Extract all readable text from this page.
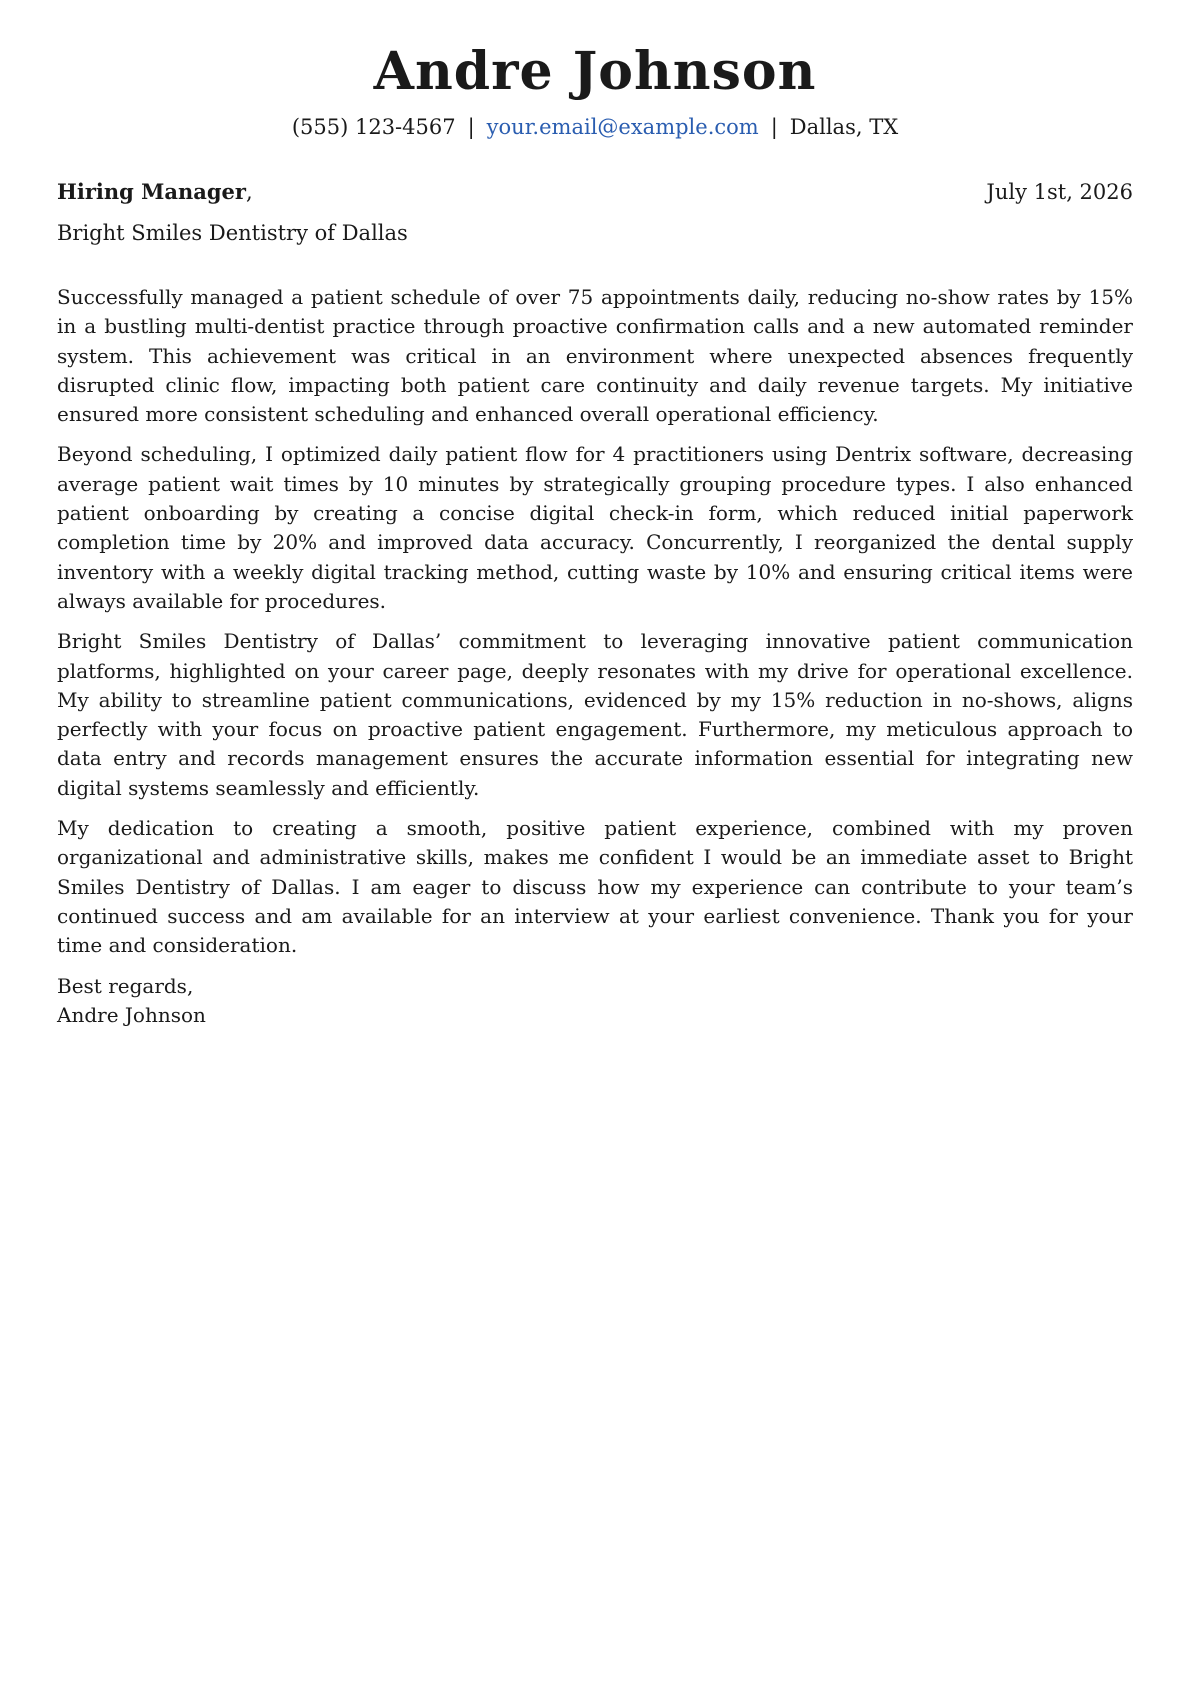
Andre Johnson
(555) 123-4567 | your.email@example.com | Dallas, TX
Hiring Manager,	July 1st, 2026
Bright Smiles Dentistry of Dallas

Successfully managed a patient schedule of over 75 appointments daily, reducing no-show rates by 15% in a bustling multi-dentist practice through proactive confirmation calls and a new automated reminder system. This achievement was critical in an environment where unexpected absences frequently disrupted clinic flow, impacting both patient care continuity and daily revenue targets. My initiative ensured more consistent scheduling and enhanced overall operational efficiency.

Beyond scheduling, I optimized daily patient flow for 4 practitioners using Dentrix software, decreasing average patient wait times by 10 minutes by strategically grouping procedure types. I also enhanced patient onboarding by creating a concise digital check-in form, which reduced initial paperwork completion time by 20% and improved data accuracy. Concurrently, I reorganized the dental supply inventory with a weekly digital tracking method, cutting waste by 10% and ensuring critical items were always available for procedures.

Bright Smiles Dentistry of Dallas’ commitment to leveraging innovative patient communication platforms, highlighted on your career page, deeply resonates with my drive for operational excellence. My ability to streamline patient communications, evidenced by my 15% reduction in no-shows, aligns perfectly with your focus on proactive patient engagement. Furthermore, my meticulous approach to data entry and records management ensures the accurate information essential for integrating new digital systems seamlessly and efficiently.

My dedication to creating a smooth, positive patient experience, combined with my proven organizational and administrative skills, makes me confident I would be an immediate asset to Bright Smiles Dentistry of Dallas. I am eager to discuss how my experience can contribute to your team’s continued success and am available for an interview at your earliest convenience. Thank you for your time and consideration.

Best regards,
Andre Johnson
